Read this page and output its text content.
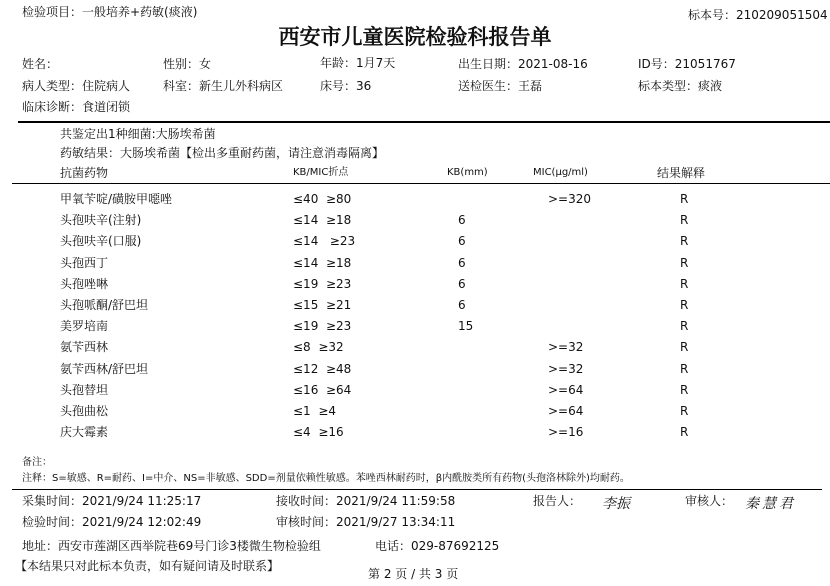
检验项目：一般培养+药敏(痰液)	标本号：210209051504
西安市儿童医院检验科报告单
姓名：	性别：女	年龄：1月7天	出生日期：2021-08-16	ID号：21051767
病人类型：住院病人	科室：新生儿外科病区	床号：36	送检医生：王磊	标本类型：痰液
临床诊断：食道闭锁
共鉴定出1种细菌:大肠埃希菌
药敏结果：大肠埃希菌【检出多重耐药菌，请注意消毒隔离】
抗菌药物	KB/MIC折点	KB(mm)	MIC(μg/ml)	结果解释
甲氧苄啶/磺胺甲噁唑	≤40  ≥80	>=320	R
头孢呋辛(注射)	≤14  ≥18	6	R
头孢呋辛(口服)	≤14   ≥23	6	R
头孢西丁	≤14  ≥18	6	R
头孢唑啉	≤19  ≥23	6	R
头孢哌酮/舒巴坦	≤15  ≥21	6	R
美罗培南	≤19  ≥23	15	R
氨苄西林	≤8  ≥32	>=32	R
氨苄西林/舒巴坦	≤12  ≥48	>=32	R
头孢替坦	≤16  ≥64	>=64	R
头孢曲松	≤1  ≥4	>=64	R
庆大霉素	≤4  ≥16	>=16	R
备注：
注释：S=敏感、R=耐药、I=中介、NS=非敏感、SDD=剂量依赖性敏感。苯唑西林耐药时，β内酰胺类所有药物(头孢洛林除外)均耐药。
采集时间：2021/9/24 11:25:17	接收时间：2021/9/24 11:59:58	报告人： 李振	审核人： 秦慧君
检验时间：2021/9/24 12:02:49	审核时间：2021/9/27 13:34:11
地址：西安市莲湖区西举院巷69号门诊3楼微生物检验组	电话：029-87692125
【本结果只对此标本负责，如有疑问请及时联系】
第 2 页 / 共 3 页
